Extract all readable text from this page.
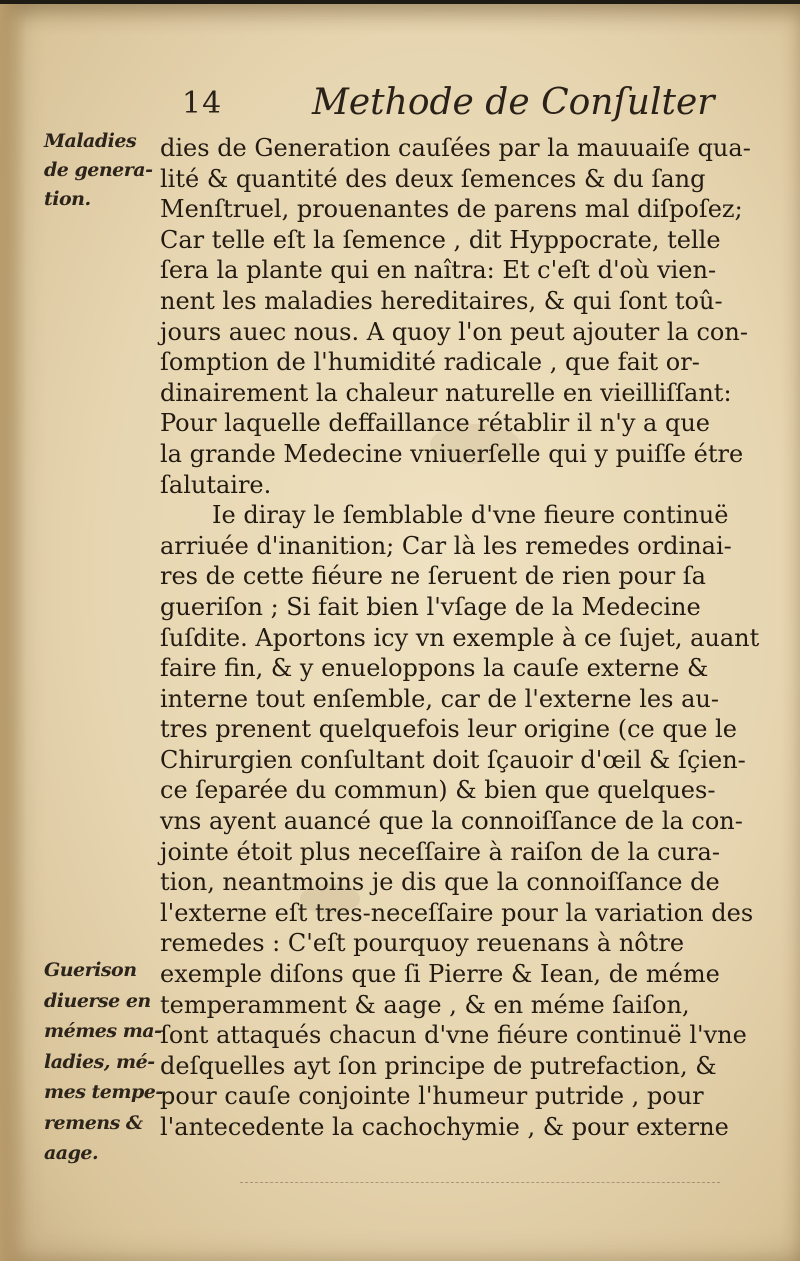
14 Methode de Conſulter
Maladies
de genera-
tion.
Guerison
diuerse en
mémes ma-
ladies, mé-
mes tempe-
remens &
aage.
dies de Generation cauſées par la mauuaiſe qua-
lité & quantité des deux ſemences & du ſang
Menſtruel, prouenantes de parens mal diſpoſez;
Car telle eſt la ſemence , dit Hyppocrate, telle
ſera la plante qui en naîtra: Et c'eſt d'où vien-
nent les maladies hereditaires, & qui ſont toû-
jours auec nous. A quoy l'on peut ajouter la con-
ſomption de l'humidité radicale , que fait or-
dinairement la chaleur naturelle en vieilliſſant:
Pour laquelle deffaillance rétablir il n'y a que
la grande Medecine vniuerſelle qui y puiſſe étre
ſalutaire.
Ie diray le ſemblable d'vne fieure continuë
arriuée d'inanition; Car là les remedes ordinai-
res de cette fiéure ne ſeruent de rien pour ſa
gueriſon ; Si fait bien l'vſage de la Medecine
ſuſdite. Aportons icy vn exemple à ce ſujet, auant
faire fin, & y enueloppons la cauſe externe &
interne tout enſemble, car de l'externe les au-
tres prenent quelquefois leur origine (ce que le
Chirurgien conſultant doit ſçauoir d'œil & ſçien-
ce ſeparée du commun) & bien que quelques-
vns ayent auancé que la connoiſſance de la con-
jointe étoit plus neceſſaire à raiſon de la cura-
tion, neantmoins je dis que la connoiſſance de
l'externe eſt tres-neceſſaire pour la variation des
remedes : C'eſt pourquoy reuenans à nôtre
exemple diſons que ſi Pierre & Iean, de méme
temperamment & aage , & en méme ſaiſon,
ſont attaqués chacun d'vne fiéure continuë l'vne
deſquelles ayt ſon principe de putrefaction, &
pour cauſe conjointe l'humeur putride , pour
l'antecedente la cachochymie , & pour externe
